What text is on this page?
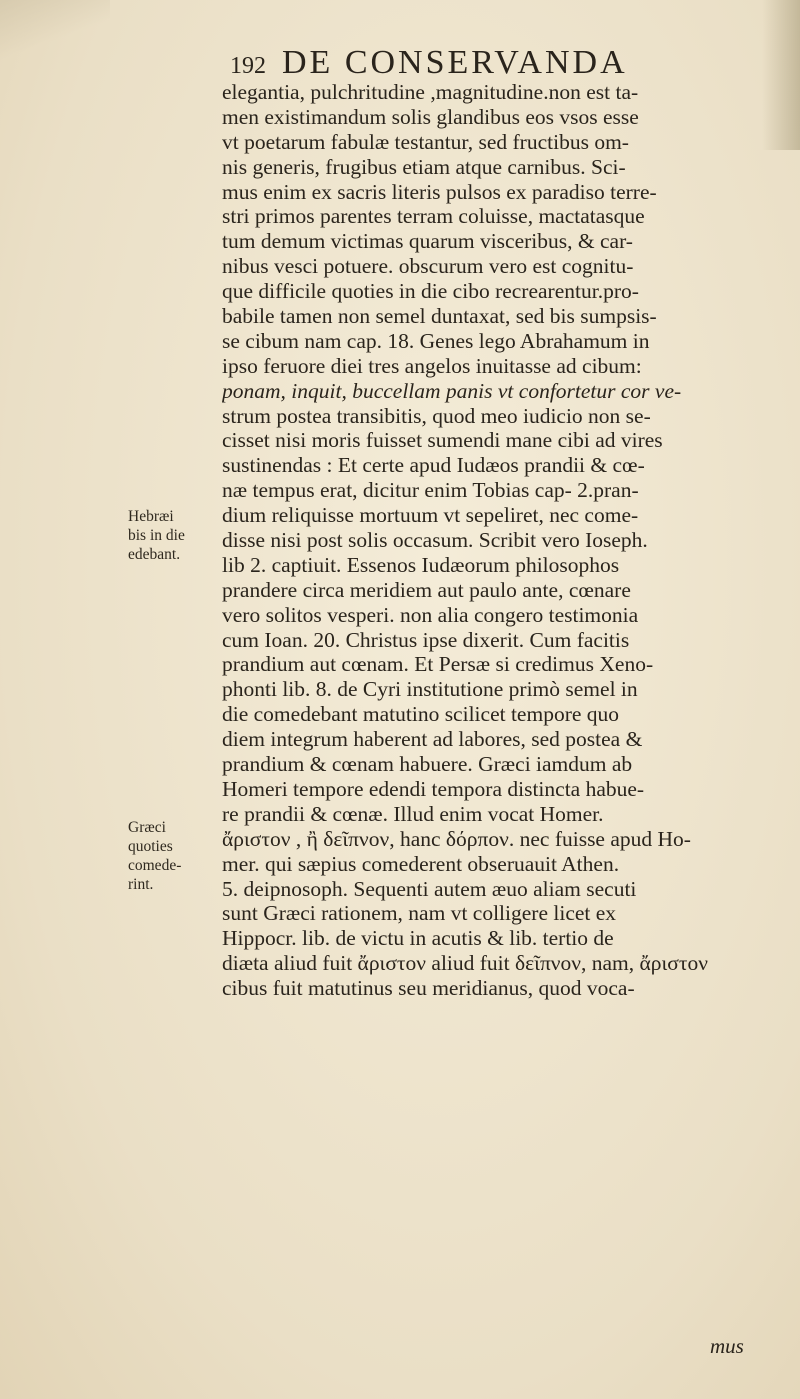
192 DE CONSERVANDA
elegantia, pulchritudine ,magnitudine.non est ta-
men existimandum solis glandibus eos vsos esse
vt poetarum fabulæ testantur, sed fructibus om-
nis generis, frugibus etiam atque carnibus. Sci-
mus enim ex sacris literis pulsos ex paradiso terre-
stri primos parentes terram coluisse, mactatasque
tum demum victimas quarum visceribus, & car-
nibus vesci potuere. obscurum vero est cognitu-
que difficile quoties in die cibo recrearentur.pro-
babile tamen non semel duntaxat, sed bis sumpsis-
se cibum nam cap. 18. Genes lego Abrahamum in
ipso feruore diei tres angelos inuitasse ad cibum:
ponam, inquit, buccellam panis vt confortetur cor ve-
strum postea transibitis, quod meo iudicio non se-
cisset nisi moris fuisset sumendi mane cibi ad vires
sustinendas : Et certe apud Iudæos prandii & cœ-
næ tempus erat, dicitur enim Tobias cap- 2.pran-
dium reliquisse mortuum vt sepeliret, nec come-
disse nisi post solis occasum. Scribit vero Ioseph.
lib 2. captiuit. Essenos Iudæorum philosophos
prandere circa meridiem aut paulo ante, cœnare
vero solitos vesperi. non alia congero testimonia
cum Ioan. 20. Christus ipse dixerit. Cum facitis
prandium aut cœnam. Et Persæ si credimus Xeno-
phonti lib. 8. de Cyri institutione primò semel in
die comedebant matutino scilicet tempore quo
diem integrum haberent ad labores, sed postea &
prandium & cœnam habuere. Græci iamdum ab
Homeri tempore edendi tempora distincta habue-
re prandii & cœnæ. Illud enim vocat Homer.
ἄριστον , ἢ δεῖπνον, hanc δόρπον. nec fuisse apud Ho-
mer. qui sæpius comederent obseruauit Athen.
5. deipnosoph. Sequenti autem æuo aliam secuti
sunt Græci rationem, nam vt colligere licet ex
Hippocr. lib. de victu in acutis & lib. tertio de
diæta aliud fuit ἄριστον aliud fuit δεῖπνον, nam, ἄριστον
cibus fuit matutinus seu meridianus, quod voca-
mus
Hebræi
bis in die
edebant.
Græci
quoties
comede-
rint.
